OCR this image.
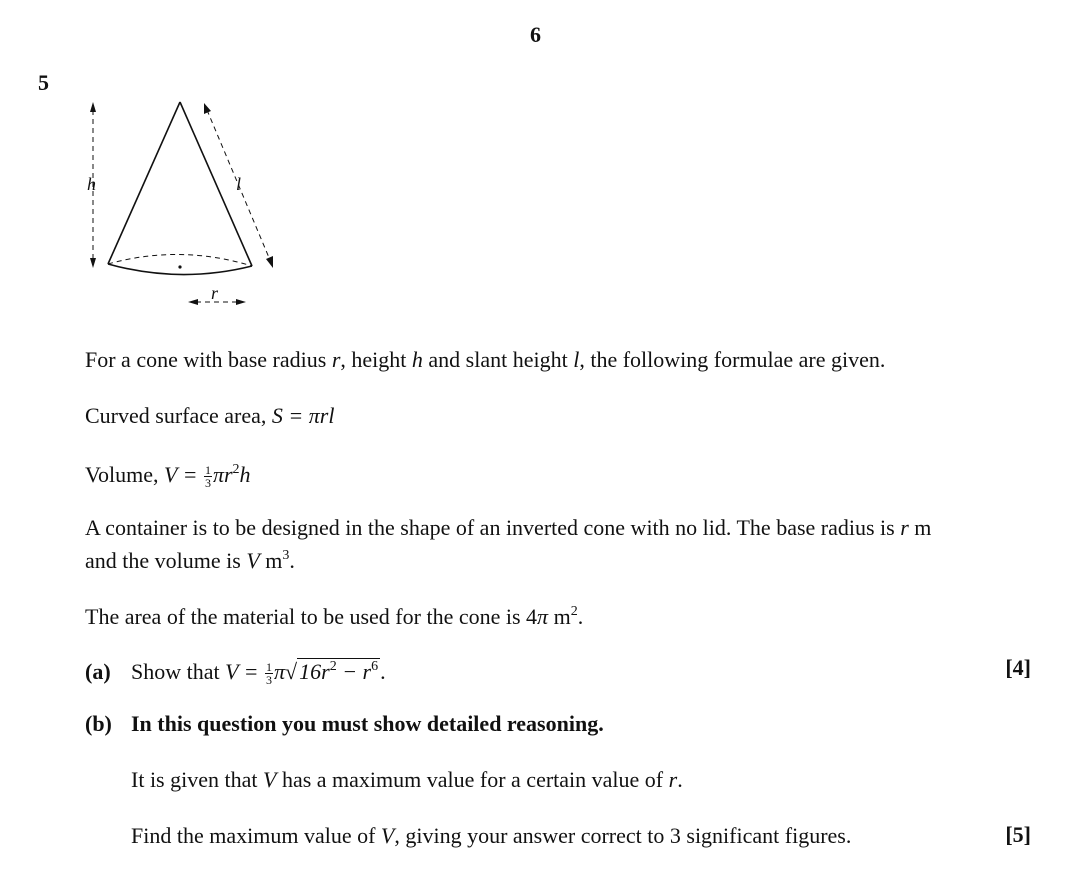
6
5
h	l
r
For a cone with base radius r, height h and slant height l, the following formulae are given.
Curved surface area, S = πrl
Volume, $V = \frac{1}{3} \pi r^2h$
A container is to be designed in the shape of an inverted cone with no lid. The base radius is r m
and the volume is V $m^3$.
The area of the material to be used for the cone is 4π $m^2$.
(a) Show that $V = \frac{1}{3} \pi√16r^2 - r^6$.	[4]
(b) In this question you must show detailed reasoning.
It is given that V has a maximum value for a certain value of r.
Find the maximum value of V, giving your answer correct to 3 significant figures.	[5]
